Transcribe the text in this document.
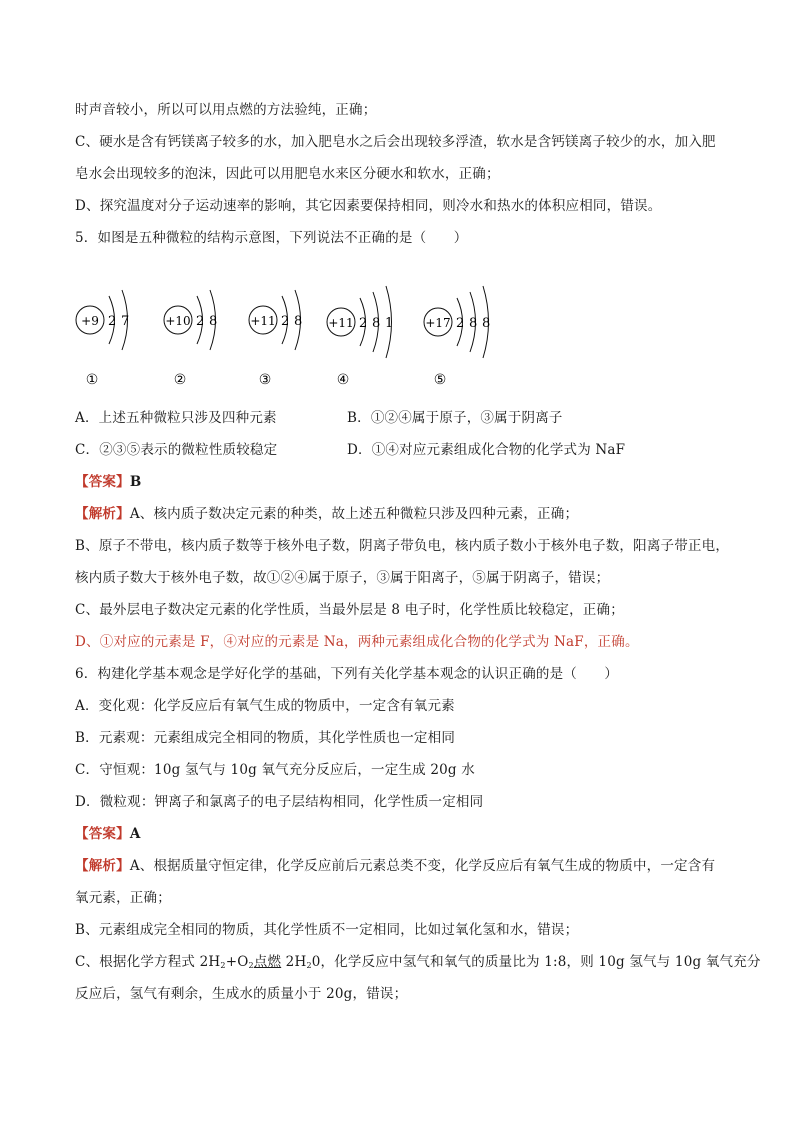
时声音较小，所以可以用点燃的方法验纯，正确；
C、硬水是含有钙镁离子较多的水，加入肥皂水之后会出现较多浮渣，软水是含钙镁离子较少的水，加入肥
皂水会出现较多的泡沫，因此可以用肥皂水来区分硬水和软水，正确；
D、探究温度对分子运动速率的影响，其它因素要保持相同，则冷水和热水的体积应相同，错误。
5．如图是五种微粒的结构示意图，下列说法不正确的是（　　）
+9 2 7
①
+10 2 8
②
+11 2 8
③
+11 2 8 1
④
+17 2 8 8
⑤
A．上述五种微粒只涉及四种元素	B．①②④属于原子，③属于阴离子
C．②③⑤表示的微粒性质较稳定	D．①④对应元素组成化合物的化学式为 NaF
【答案】B
【解析】A、核内质子数决定元素的种类，故上述五种微粒只涉及四种元素，正确；
B、原子不带电，核内质子数等于核外电子数，阴离子带负电，核内质子数小于核外电子数，阳离子带正电，
核内质子数大于核外电子数，故①②④属于原子，③属于阳离子，⑤属于阴离子，错误；
C、最外层电子数决定元素的化学性质，当最外层是 8 电子时，化学性质比较稳定，正确；
D、①对应的元素是 F，④对应的元素是 Na，两种元素组成化合物的化学式为 NaF，正确。
6．构建化学基本观念是学好化学的基础，下列有关化学基本观念的认识正确的是（　　）
A．变化观：化学反应后有氧气生成的物质中，一定含有氧元素
B．元素观：元素组成完全相同的物质，其化学性质也一定相同
C．守恒观：10g 氢气与 10g 氧气充分反应后，一定生成 20g 水
D．微粒观：钾离子和氯离子的电子层结构相同，化学性质一定相同
【答案】A
【解析】A、根据质量守恒定律，化学反应前后元素总类不变，化学反应后有氧气生成的物质中，一定含有
氧元素，正确；
B、元素组成完全相同的物质，其化学性质不一定相同，比如过氧化氢和水，错误；
C、根据化学方程式 $2H_2+O_2$点燃 $2H_20$，化学反应中氢气和氧气的质量比为 1:8，则 10g 氢气与 10g 氧气充分
反应后，氢气有剩余，生成水的质量小于 20g，错误；
